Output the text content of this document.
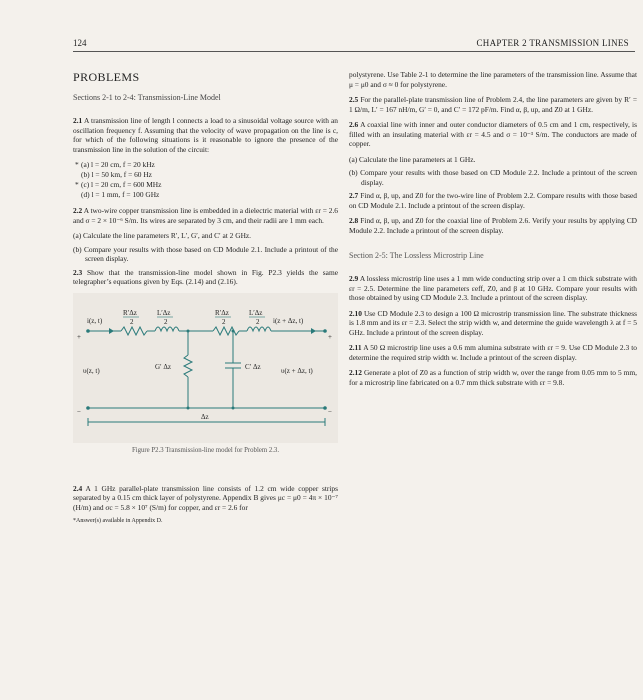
124	CHAPTER 2 TRANSMISSION LINES
PROBLEMS
Sections 2-1 to 2-4: Transmission-Line Model

2.1 A transmission line of length l connects a load to a sinusoidal voltage source with an oscillation frequency f. Assuming that the velocity of wave propagation on the line is c, for which of the following situations is it reasonable to ignore the presence of the transmission line in the solution of the circuit:

* (a) l = 20 cm, f = 20 kHz
(b) l = 50 km, f = 60 Hz
* (c) l = 20 cm, f = 600 MHz
(d) l = 1 mm, f = 100 GHz

2.2 A two-wire copper transmission line is embedded in a dielectric material with εr = 2.6 and σ = 2 × 10⁻⁶ S/m. Its wires are separated by 3 cm, and their radii are 1 mm each.

(a) Calculate the line parameters R′, L′, G′, and C′ at 2 GHz.

(b) Compare your results with those based on CD Module 2.1. Include a printout of the screen display.

2.3 Show that the transmission-line model shown in Fig. P2.3 yields the same telegrapher’s equations given by Eqs. (2.14) and (2.16).

+
−
+
−
i(z, t)	i(z + Δz, t)
R′Δz
2
L′Δz
2
R′Δz
2
L′Δz
2
υ(z, t)	υ(z + Δz, t)
G′ Δz	C′ Δz
Δz
Figure P2.3 Transmission-line model for Problem 2.3.

2.4 A 1 GHz parallel-plate transmission line consists of 1.2 cm wide copper strips separated by a 0.15 cm thick layer of polystyrene. Appendix B gives μc = μ0 = 4π × 10⁻⁷ (H/m) and σc = 5.8 × 10⁷ (S/m) for copper, and εr = 2.6 for

*Answer(s) available in Appendix D.

polystyrene. Use Table 2-1 to determine the line parameters of the transmission line. Assume that μ = μ0 and σ ≈ 0 for polystyrene.

2.5 For the parallel-plate transmission line of Problem 2.4, the line parameters are given by R′ = 1 Ω/m, L′ = 167 nH/m, G′ = 0, and C′ = 172 pF/m. Find α, β, up, and Z0 at 1 GHz.

2.6 A coaxial line with inner and outer conductor diameters of 0.5 cm and 1 cm, respectively, is filled with an insulating material with εr = 4.5 and σ = 10⁻³ S/m. The conductors are made of copper.

(a) Calculate the line parameters at 1 GHz.

(b) Compare your results with those based on CD Module 2.2. Include a printout of the screen display.

2.7 Find α, β, up, and Z0 for the two-wire line of Problem 2.2. Compare results with those based on CD Module 2.1. Include a printout of the screen display.

2.8 Find α, β, up, and Z0 for the coaxial line of Problem 2.6. Verify your results by applying CD Module 2.2. Include a printout of the screen display.

Section 2-5: The Lossless Microstrip Line

2.9 A lossless microstrip line uses a 1 mm wide conducting strip over a 1 cm thick substrate with εr = 2.5. Determine the line parameters εeff, Z0, and β at 10 GHz. Compare your results with those obtained by using CD Module 2.3. Include a printout of the screen display.

2.10 Use CD Module 2.3 to design a 100 Ω microstrip transmission line. The substrate thickness is 1.8 mm and its εr = 2.3. Select the strip width w, and determine the guide wavelength λ at f = 5 GHz. Include a printout of the screen display.

2.11 A 50 Ω microstrip line uses a 0.6 mm alumina substrate with εr = 9. Use CD Module 2.3 to determine the required strip width w. Include a printout of the screen display.

2.12 Generate a plot of Z0 as a function of strip width w, over the range from 0.05 mm to 5 mm, for a microstrip line fabricated on a 0.7 mm thick substrate with εr = 9.8.
